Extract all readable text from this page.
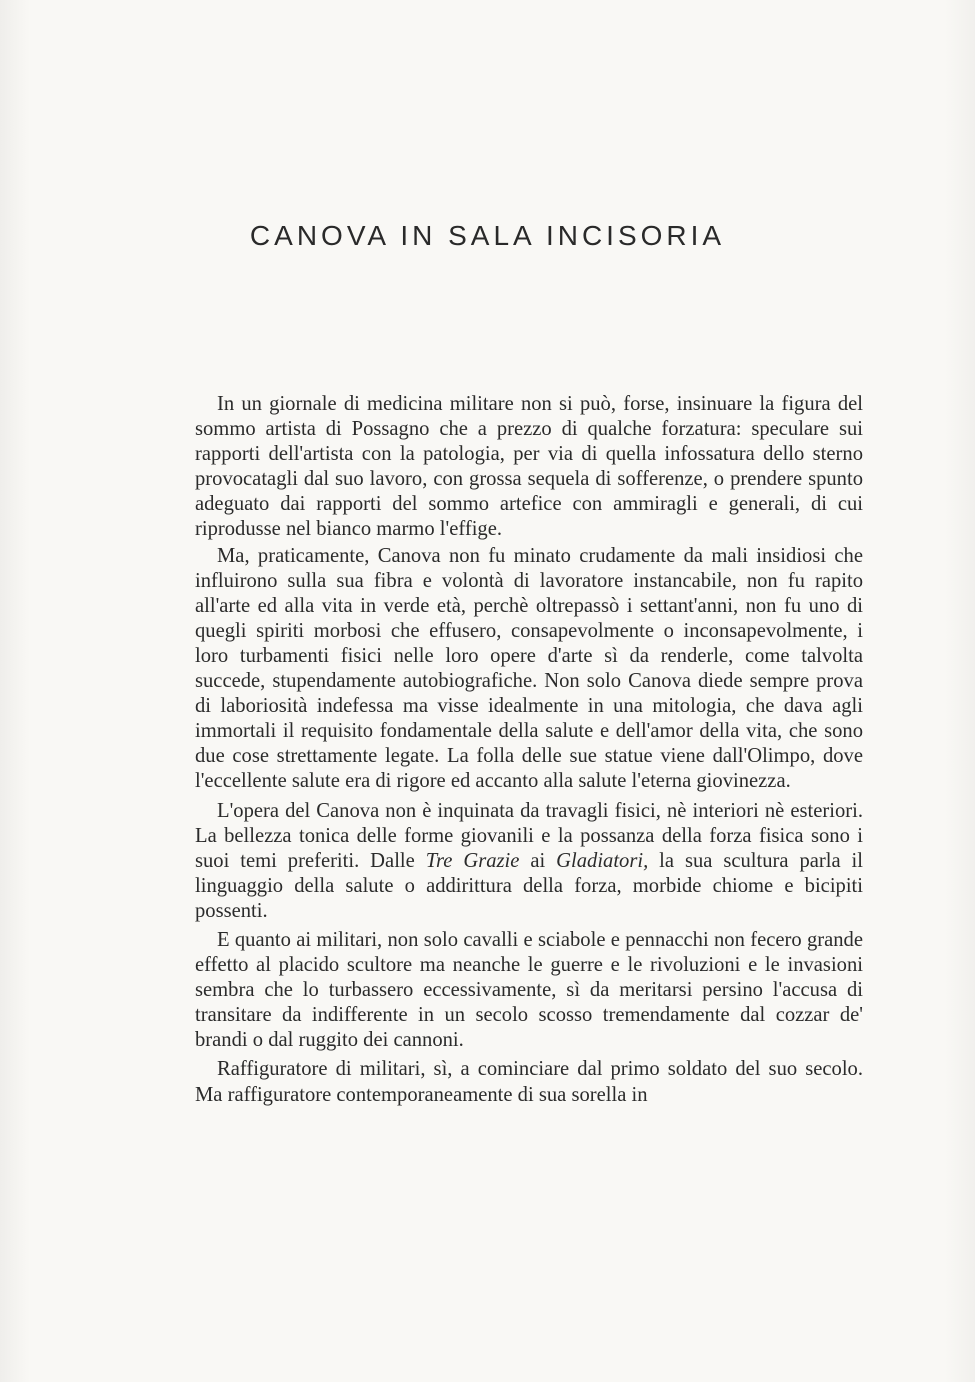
CANOVA IN SALA INCISORIA

In un giornale di medicina militare non si può, forse, insinuare la figura del sommo artista di Possagno che a prezzo di qualche forzatura: speculare sui rapporti dell'artista con la patologia, per via di quella infossatura dello sterno provocatagli dal suo lavoro, con grossa sequela di sofferenze, o prendere spunto adeguato dai rapporti del sommo artefice con ammiragli e generali, di cui riprodusse nel bianco marmo l'effige.

Ma, praticamente, Canova non fu minato crudamente da mali insidiosi che influirono sulla sua fibra e volontà di lavoratore instancabile, non fu rapito all'arte ed alla vita in verde età, perchè oltrepassò i settant'anni, non fu uno di quegli spiriti morbosi che effusero, consapevolmente o inconsapevolmente, i loro turbamenti fisici nelle loro opere d'arte sì da renderle, come talvolta succede, stupendamente autobiografiche. Non solo Canova diede sempre prova di laboriosità indefessa ma visse idealmente in una mitologia, che dava agli immortali il requisito fondamentale della salute e dell'amor della vita, che sono due cose strettamente legate. La folla delle sue statue viene dall'Olimpo, dove l'eccellente salute era di rigore ed accanto alla salute l'eterna giovinezza.

L'opera del Canova non è inquinata da travagli fisici, nè interiori nè esteriori. La bellezza tonica delle forme giovanili e la possanza della forza fisica sono i suoi temi preferiti. Dalle Tre Grazie ai Gladiatori, la sua scultura parla il linguaggio della salute o addirittura della forza, morbide chiome e bicipiti possenti.

E quanto ai militari, non solo cavalli e sciabole e pennacchi non fecero grande effetto al placido scultore ma neanche le guerre e le rivoluzioni e le invasioni sembra che lo turbassero eccessivamente, sì da meritarsi persino l'accusa di transitare da indifferente in un secolo scosso tremendamente dal cozzar de' brandi o dal ruggito dei cannoni.

Raffiguratore di militari, sì, a cominciare dal primo soldato del suo secolo. Ma raffiguratore contemporaneamente di sua sorella in
